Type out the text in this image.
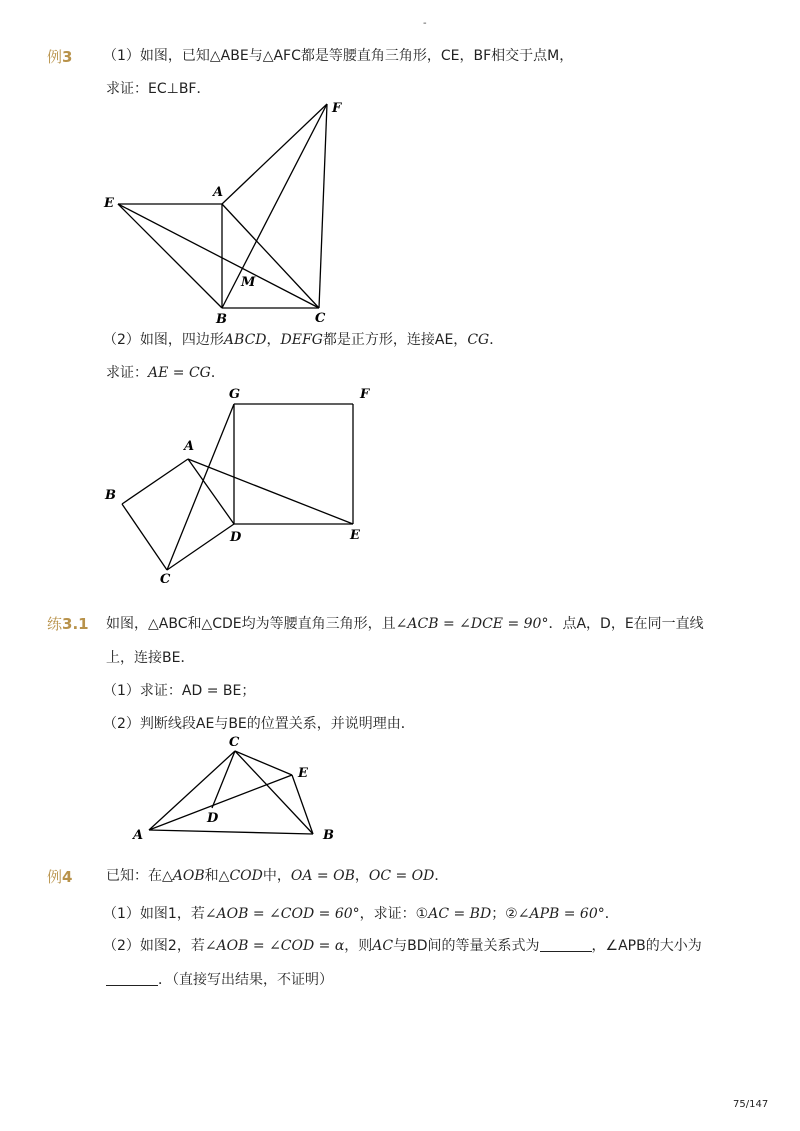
-
例3 （1）如图，已知△ABE与△AFC都是等腰直角三角形，CE，BF相交于点M，
求证：EC⊥BF．
E
A
F
M
B	C
（2）如图，四边形ABCD，DEFG都是正方形，连接AE，CG．
求证：AE = CG．
G	F
A
B
D	E
C
练3.1 如图，△ABC和△CDE均为等腰直角三角形，且∠ACB = ∠DCE = 90°．点A，D，E在同一直线
上，连接BE．
（1）求证：AD = BE；
（2）判断线段AE与BE的位置关系，并说明理由．
C
E
D
A	B
例4 已知：在△AOB和△COD中，OA = OB，OC = OD．
（1）如图1，若∠AOB = ∠COD = 60°，求证：①AC = BD；②∠APB = 60°．
（2）如图2，若∠AOB = ∠COD = α，则AC与BD间的等量关系式为	，∠APB的大小为
．（直接写出结果，不证明）
75/147
